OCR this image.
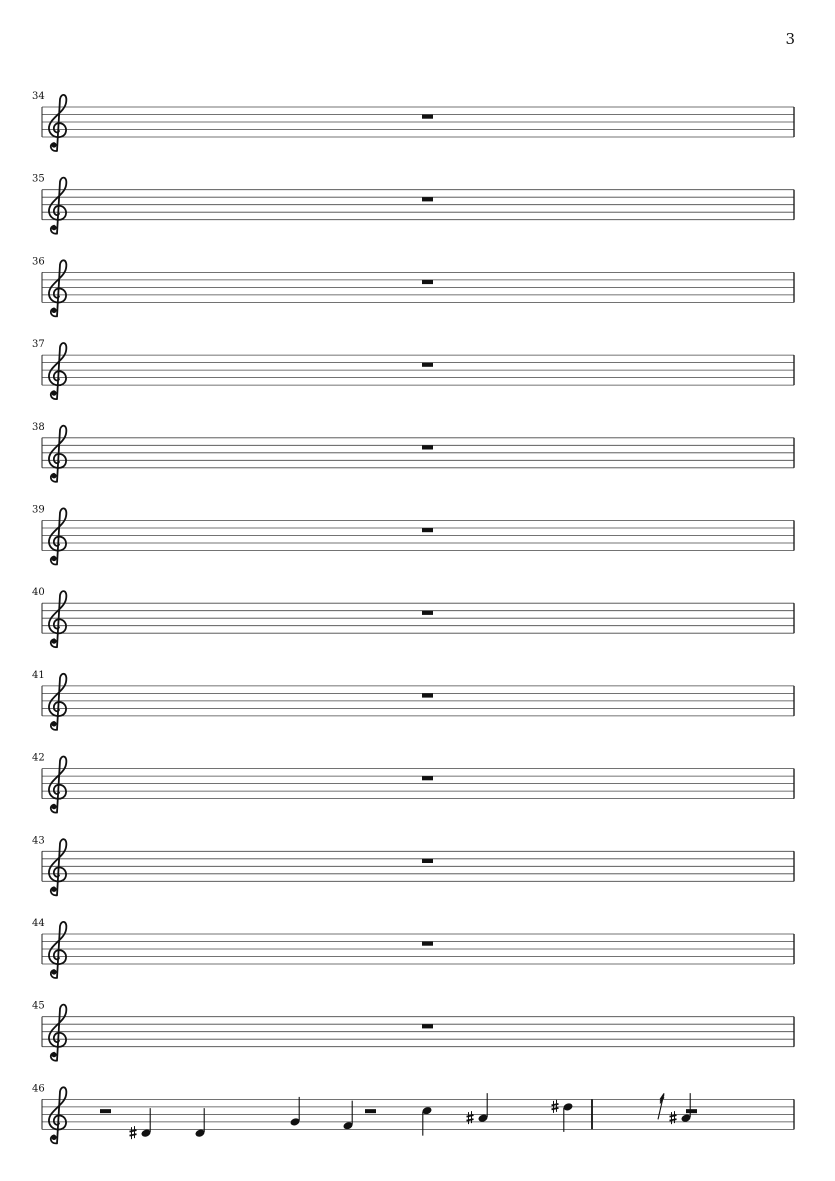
3
34
35
36
37
38
39
40
41
42
43
44
45
46
